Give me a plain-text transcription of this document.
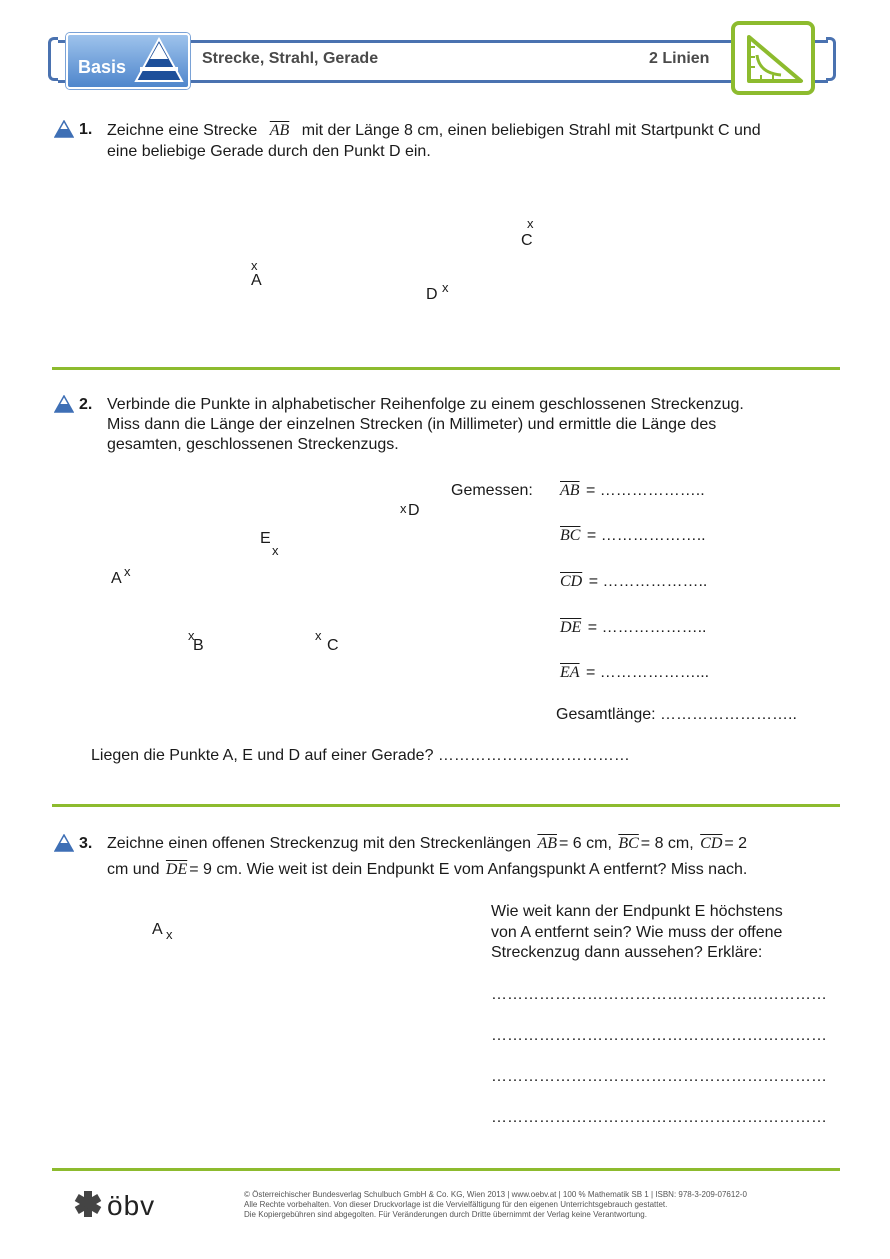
Basis	Strecke, Strahl, Gerade	2 Linien
1. Zeichne eine Strecke $\overline{AB}$ mit der Länge 8 cm, einen beliebigen Strahl mit Startpunkt C und
eine beliebige Gerade durch den Punkt D ein.
x
A
x
C
D x
2. Verbinde die Punkte in alphabetischer Reihenfolge zu einem geschlossenen Streckenzug.
Miss dann die Länge der einzelnen Strecken (in Millimeter) und ermittle die Länge des
gesamten, geschlossenen Streckenzugs.
A x
x
B
x
C
x D
E
x
Gemessen: $\overline{AB}$ = ………………..
$\overline{BC}$ = ………………..
$\overline{CD}$ = ………………..
$\overline{DE}$ = ………………..
$\overline{EA}$ = ………………...
Gesamtlänge: ……………………..
Liegen die Punkte A, E und D auf einer Gerade? ………………………………
3. Zeichne einen offenen Streckenzug mit den Streckenlängen $\overline{AB} = 6$ cm, $\overline{BC} = 8$ cm, $\overline{CD} = 2$
cm und $\overline{DE} = 9$ cm. Wie weit ist dein Endpunkt E vom Anfangspunkt A entfernt? Miss nach.
A x
Wie weit kann der Endpunkt E höchstens
von A entfernt sein? Wie muss der offene
Streckenzug dann aussehen? Erkläre:
………………………………………………………
………………………………………………………
………………………………………………………
………………………………………………………
öbv	© Österreichischer Bundesverlag Schulbuch GmbH & Co. KG, Wien 2013 | www.oebv.at | 100 % Mathematik SB 1 | ISBN: 978-3-209-07612-0
Alle Rechte vorbehalten. Von dieser Druckvorlage ist die Vervielfältigung für den eigenen Unterrichtsgebrauch gestattet.
Die Kopiergebühren sind abgegolten. Für Veränderungen durch Dritte übernimmt der Verlag keine Verantwortung.
